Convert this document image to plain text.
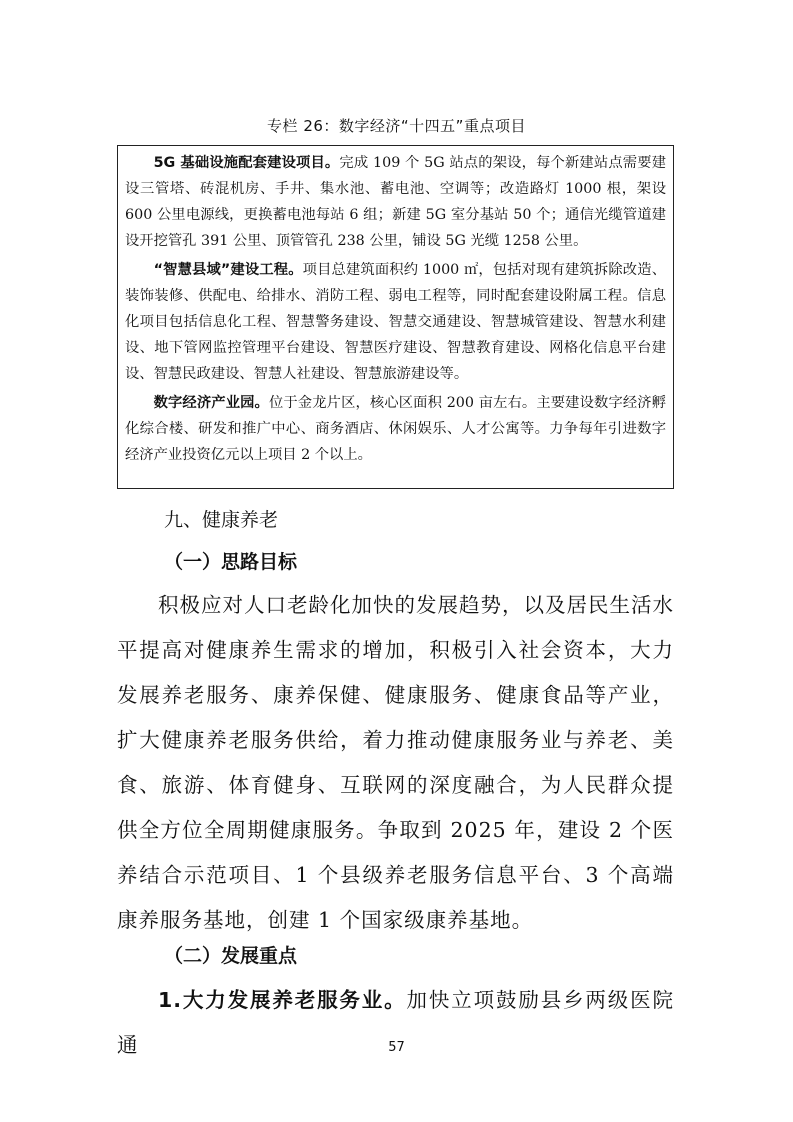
专栏 26：数字经济“十四五”重点项目

5G 基础设施配套建设项目。完成 109 个 5G 站点的架设，每个新建站点需要建设三管塔、砖混机房、手井、集水池、蓄电池、空调等；改造路灯 1000 根，架设 600 公里电源线，更换蓄电池每站 6 组；新建 5G 室分基站 50 个；通信光缆管道建设开挖管孔 391 公里、顶管管孔 238 公里，铺设 5G 光缆 1258 公里。

“智慧县域”建设工程。项目总建筑面积约 1000 ㎡，包括对现有建筑拆除改造、装饰装修、供配电、给排水、消防工程、弱电工程等，同时配套建设附属工程。信息化项目包括信息化工程、智慧警务建设、智慧交通建设、智慧城管建设、智慧水利建设、地下管网监控管理平台建设、智慧医疗建设、智慧教育建设、网格化信息平台建设、智慧民政建设、智慧人社建设、智慧旅游建设等。

数字经济产业园。位于金龙片区，核心区面积 200 亩左右。主要建设数字经济孵化综合楼、研发和推广中心、商务酒店、休闲娱乐、人才公寓等。力争每年引进数字经济产业投资亿元以上项目 2 个以上。

九、健康养老
（一）思路目标

积极应对人口老龄化加快的发展趋势，以及居民生活水平提高对健康养生需求的增加，积极引入社会资本，大力发展养老服务、康养保健、健康服务、健康食品等产业，扩大健康养老服务供给，着力推动健康服务业与养老、美食、旅游、体育健身、互联网的深度融合，为人民群众提供全方位全周期健康服务。争取到 2025 年，建设 2 个医养结合示范项目、1 个县级养老服务信息平台、3 个高端康养服务基地，创建 1 个国家级康养基地。

（二）发展重点

1.大力发展养老服务业。加快立项鼓励县乡两级医院通	57
